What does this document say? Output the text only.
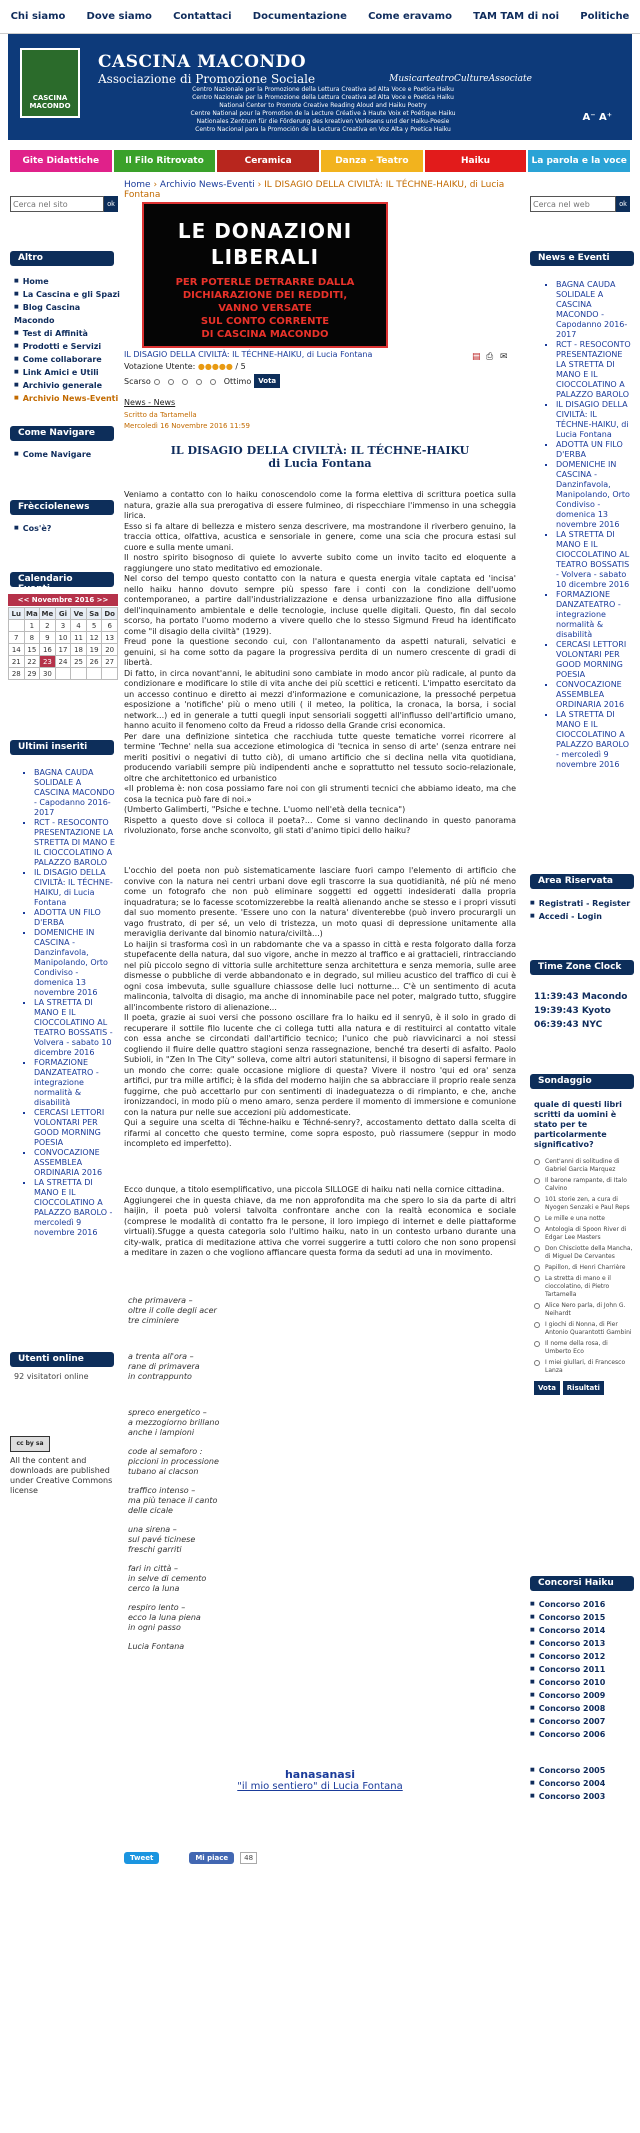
Chi siamo Dove siamo Contattaci Documentazione Come eravamo TAM TAM di noi Politiche
CASCINA MACONDO
CASCINA MACONDO
Associazione di Promozione Sociale	MusicarteatroCultureAssociate
Centro Nazionale per la Promozione della Lettura Creativa ad Alta Voce e Poetica Haiku
Centro Nazionale per la Promozione della Lettura Creativa ad Alta Voce e Poetica Haiku
National Center to Promote Creative Reading Aloud and Haiku Poetry
Centre National pour la Promotion de la Lecture Créative à Haute Voix et Poétique Haiku
Nationales Zentrum für die Förderung des kreativen Vorlesens und der Haiku-Poesie
Centro Nacional para la Promoción de la Lectura Creativa en Voz Alta y Poetica Haiku
A⁻ A⁺
Gite Didattiche	Il Filo Ritrovato	Ceramica	Danza - Teatro	Haiku	La parola e la voce
Cerca nel sito
ok
Cerca nel web	ok
Home › Archivio News-Eventi › IL DISAGIO DELLA CIVILTÀ: IL TÉCHNE-HAIKU, di Lucia Fontana
LE DONAZIONI
LIBERALI
PER POTERLE DETRARRE DALLA
DICHIARAZIONE DEI REDDITI,
VANNO VERSATE
SUL CONTO CORRENTE
DI CASCINA MACONDO
Altro
■ Home
■ La Cascina e gli Spazi
■ Blog Cascina Macondo
■ Test di Affinità
■ Prodotti e Servizi
■ Come collaborare
■ Link Amici e Utili
■ Archivio generale
■ Archivio News-Eventi
Come Navigare
■ Come Navigare
Frècciolenews
■ Cos'è?
Calendario Eventi
<< Novembre 2016 >>
Lu	Ma	Me	Gi	Ve	Sa	Do
	1	2	3	4	5	6
7	8	9	10	11	12	13
14	15	16	17	18	19	20
21	22	23	24	25	26	27
28	29	30				
Ultimi inseriti
▪ BAGNA CAUDA SOLIDALE A CASCINA MACONDO - Capodanno 2016-2017
▪ RCT - RESOCONTO PRESENTAZIONE LA STRETTA DI MANO E IL CIOCCOLATINO A PALAZZO BAROLO
▪ IL DISAGIO DELLA CIVILTÀ: IL TÉCHNE-HAIKU, di Lucia Fontana
▪ ADOTTA UN FILO D'ERBA
▪ DOMENICHE IN CASCINA - Danzinfavola, Manipolando, Orto Condiviso - domenica 13 novembre 2016
▪ LA STRETTA DI MANO E IL CIOCCOLATINO AL TEATRO BOSSATIS - Volvera - sabato 10 dicembre 2016
▪ FORMAZIONE DANZATEATRO - integrazione normalità & disabilità
▪ CERCASI LETTORI VOLONTARI PER GOOD MORNING POESIA
▪ CONVOCAZIONE ASSEMBLEA ORDINARIA 2016
▪ LA STRETTA DI MANO E IL CIOCCOLATINO A PALAZZO BAROLO - mercoledì 9 novembre 2016
Utenti online
92 visitatori online
cc by sa
All the content and downloads are published under Creative Commons license
IL DISAGIO DELLA CIVILTÀ: IL TÉCHNE-HAIKU, di Lucia Fontana
Votazione Utente: ●●●●● / 5
Scarso	Ottimo	Vota
News - News
Scritto da Tartamella
Mercoledì 16 Novembre 2016 11:59
▤ ⎙ ✉
IL DISAGIO DELLA CIVILTÀ: IL TÉCHNE-HAIKU
di Lucia Fontana
Veniamo a contatto con lo haiku conoscendolo come la forma elettiva di scrittura poetica sulla natura, grazie alla sua prerogativa di essere fulmineo, di rispecchiare l'immenso in una scheggia lirica.
Esso si fa altare di bellezza e mistero senza descrivere, ma mostrandone il riverbero genuino, la traccia ottica, olfattiva, acustica e sensoriale in genere, come una scia che procura estasi sul cuore e sulla mente umani.
Il nostro spirito bisognoso di quiete lo avverte subito come un invito tacito ed eloquente a raggiungere uno stato meditativo ed emozionale.
Nel corso del tempo questo contatto con la natura e questa energia vitale captata ed 'incisa' nello haiku hanno dovuto sempre più spesso fare i conti con la condizione dell'uomo contemporaneo, a partire dall'industrializzazione e densa urbanizzazione fino alla diffusione dell'inquinamento ambientale e delle tecnologie, incluse quelle digitali. Questo, fin dal secolo scorso, ha portato l'uomo moderno a vivere quello che lo stesso Sigmund Freud ha identificato come "il disagio della civiltà" (1929).
Freud pone la questione secondo cui, con l'allontanamento da aspetti naturali, selvatici e genuini, si ha come sotto da pagare la progressiva perdita di un numero crescente di gradi di libertà.
Di fatto, in circa novant'anni, le abitudini sono cambiate in modo ancor più radicale, al punto da condizionare e modificare lo stile di vita anche dei più scettici e reticenti. L'impatto esercitato da un accesso continuo e diretto ai mezzi d'informazione e comunicazione, la pressoché perpetua esposizione a 'notifiche' più o meno utili ( il meteo, la politica, la cronaca, la borsa, i social network...) ed in generale a tutti quegli input sensoriali soggetti all'influsso dell'artificio umano, hanno acuito il fenomeno colto da Freud a ridosso della Grande crisi economica.
Per dare una definizione sintetica che racchiuda tutte queste tematiche vorrei ricorrere al termine 'Techne' nella sua accezione etimologica di 'tecnica in senso di arte' (senza entrare nei meriti positivi o negativi di tutto ciò), di umano artificio che si declina nella vita quotidiana, producendo variabili sempre più indipendenti anche e soprattutto nel tessuto socio-relazionale, oltre che architettonico ed urbanistico
«Il problema è: non cosa possiamo fare noi con gli strumenti tecnici che abbiamo ideato, ma che cosa la tecnica può fare di noi.»
(Umberto Galimberti, "Psiche e techne. L'uomo nell'età della tecnica")
Rispetto a questo dove si colloca il poeta?... Come si vanno declinando in questo panorama rivoluzionato, forse anche sconvolto, gli stati d'animo tipici dello haiku?
L'occhio del poeta non può sistematicamente lasciare fuori campo l'elemento di artificio che convive con la natura nei centri urbani dove egli trascorre la sua quotidianità, né più né meno come un fotografo che non può eliminare soggetti ed oggetti indesiderati dalla propria inquadratura; se lo facesse scotomizzerebbe la realtà alienando anche se stesso e i propri vissuti dal suo momento presente. 'Essere uno con la natura' diventerebbe (può invero procurargli un vago frustrato, di per sé, un velo di tristezza, un moto quasi di depressione unitamente alla meraviglia derivante dal binomio natura/civiltà...)
Lo haijin si trasforma così in un rabdomante che va a spasso in città e resta folgorato dalla forza stupefacente della natura, dal suo vigore, anche in mezzo al traffico e ai grattacieli, rintracciando nel più piccolo segno di vittoria sulle architetture senza architettura e senza memoria, sulle aree dismesse o pubbliche di verde abbandonato e in degrado, sul milieu acustico del traffico di cui è ogni cosa imbevuta, sulle sguallure chiassose delle luci notturne... C'è un sentimento di acuta malinconia, talvolta di disagio, ma anche di innominabile pace nel poter, malgrado tutto, sfuggire all'incombente ristoro di alienazione...
Il poeta, grazie ai suoi versi che possono oscillare fra lo haiku ed il senryū, è il solo in grado di recuperare il sottile filo lucente che ci collega tutti alla natura e di restituirci al contatto vitale con essa anche se circondati dall'artificio tecnico; l'unico che può riavvicinarci a noi stessi cogliendo il fluire delle quattro stagioni senza rassegnazione, benché tra deserti di asfalto. Paolo Subioli, in "Zen In The City" solleva, come altri autori statunitensi, il bisogno di sapersi fermare in un mondo che corre: quale occasione migliore di questa? Vivere il nostro 'qui ed ora' senza artifici, pur tra mille artifici; è la sfida del moderno haijin che sa abbracciare il proprio reale senza fuggirne, che può accettarlo pur con sentimenti di inadeguatezza o di rimpianto, e che, anche ironizzandoci, in modo più o meno amaro, senza perdere il momento di immersione e comunione con la natura pur nelle sue accezioni più addomesticate.
Qui a seguire una scelta di Téchne-haiku e Téchné-senry?, accostamento dettato dalla scelta di rifarmi al concetto che questo termine, come sopra esposto, può riassumere (seppur in modo incompleto ed imperfetto).
Ecco dunque, a titolo esemplificativo, una piccola SILLOGE di haiku nati nella cornice cittadina.
Aggiungerei che in questa chiave, da me non approfondita ma che spero lo sia da parte di altri haijin, il poeta può volersi talvolta confrontare anche con la realtà economica e sociale (comprese le modalità di contatto fra le persone, il loro impiego di internet e delle piattaforme virtuali).Sfugge a questa categoria solo l'ultimo haiku, nato in un contesto urbano durante una city-walk, pratica di meditazione attiva che vorrei suggerire a tutti coloro che non sono propensi a meditare in zazen o che vogliono affiancare questa forma da seduti ad una in movimento.

che primavera –
oltre il colle degli acer
tre ciminiere

a trenta all'ora –
rane di primavera
in contrappunto

spreco energetico –
a mezzogiorno brillano
anche i lampioni

code al semaforo :
piccioni in processione
tubano ai clacson

traffico intenso –
ma più tenace il canto
delle cicale

una sirena –
sul pavé ticinese
freschi garriti

fari in città –
in selve di cemento
cerco la luna

respiro lento –
ecco la luna piena
in ogni passo

Lucia Fontana

hanasanasi
"il mio sentiero" di Lucia Fontana
Tweet	Mi piace	48
News e Eventi
▪ BAGNA CAUDA SOLIDALE A CASCINA MACONDO - Capodanno 2016-2017
▪ RCT - RESOCONTO PRESENTAZIONE LA STRETTA DI MANO E IL CIOCCOLATINO A PALAZZO BAROLO
▪ IL DISAGIO DELLA CIVILTÀ: IL TÉCHNE-HAIKU, di Lucia Fontana
▪ ADOTTA UN FILO D'ERBA
▪ DOMENICHE IN CASCINA - Danzinfavola, Manipolando, Orto Condiviso - domenica 13 novembre 2016
▪ LA STRETTA DI MANO E IL CIOCCOLATINO AL TEATRO BOSSATIS - Volvera - sabato 10 dicembre 2016
▪ FORMAZIONE DANZATEATRO - integrazione normalità & disabilità
▪ CERCASI LETTORI VOLONTARI PER GOOD MORNING POESIA
▪ CONVOCAZIONE ASSEMBLEA ORDINARIA 2016
▪ LA STRETTA DI MANO E IL CIOCCOLATINO A PALAZZO BAROLO - mercoledì 9 novembre 2016
Area Riservata
■ Registrati - Register
■ Accedi - Login
Time Zone Clock
11:39:43 Macondo
19:39:43 Kyoto
06:39:43 NYC
Sondaggio
quale di questi libri scritti da uomini è stato per te particolarmente significativo?
Cent'anni di solitudine di Gabriel Garcia Marquez
Il barone rampante, di Italo Calvino
101 storie zen, a cura di Nyogen Senzaki e Paul Reps
Le mille e una notte
Antologia di Spoon River di Edgar Lee Masters
Don Chisciotte della Mancha, di Miguel De Cervantes
Papillon, di Henri Charrière
La stretta di mano e il cioccolatino, di Pietro Tartamella
Alice Nero parla, di John G. Neihardt
I giochi di Nonna, di Pier Antonio Quarantotti Gambini
Il nome della rosa, di Umberto Eco
I miei giullari, di Francesco Lanza
Vota Risultati
Concorsi Haiku
■ Concorso 2016
■ Concorso 2015
■ Concorso 2014
■ Concorso 2013
■ Concorso 2012
■ Concorso 2011
■ Concorso 2010
■ Concorso 2009
■ Concorso 2008
■ Concorso 2007
■ Concorso 2006
■ Concorso 2005
■ Concorso 2004
■ Concorso 2003
